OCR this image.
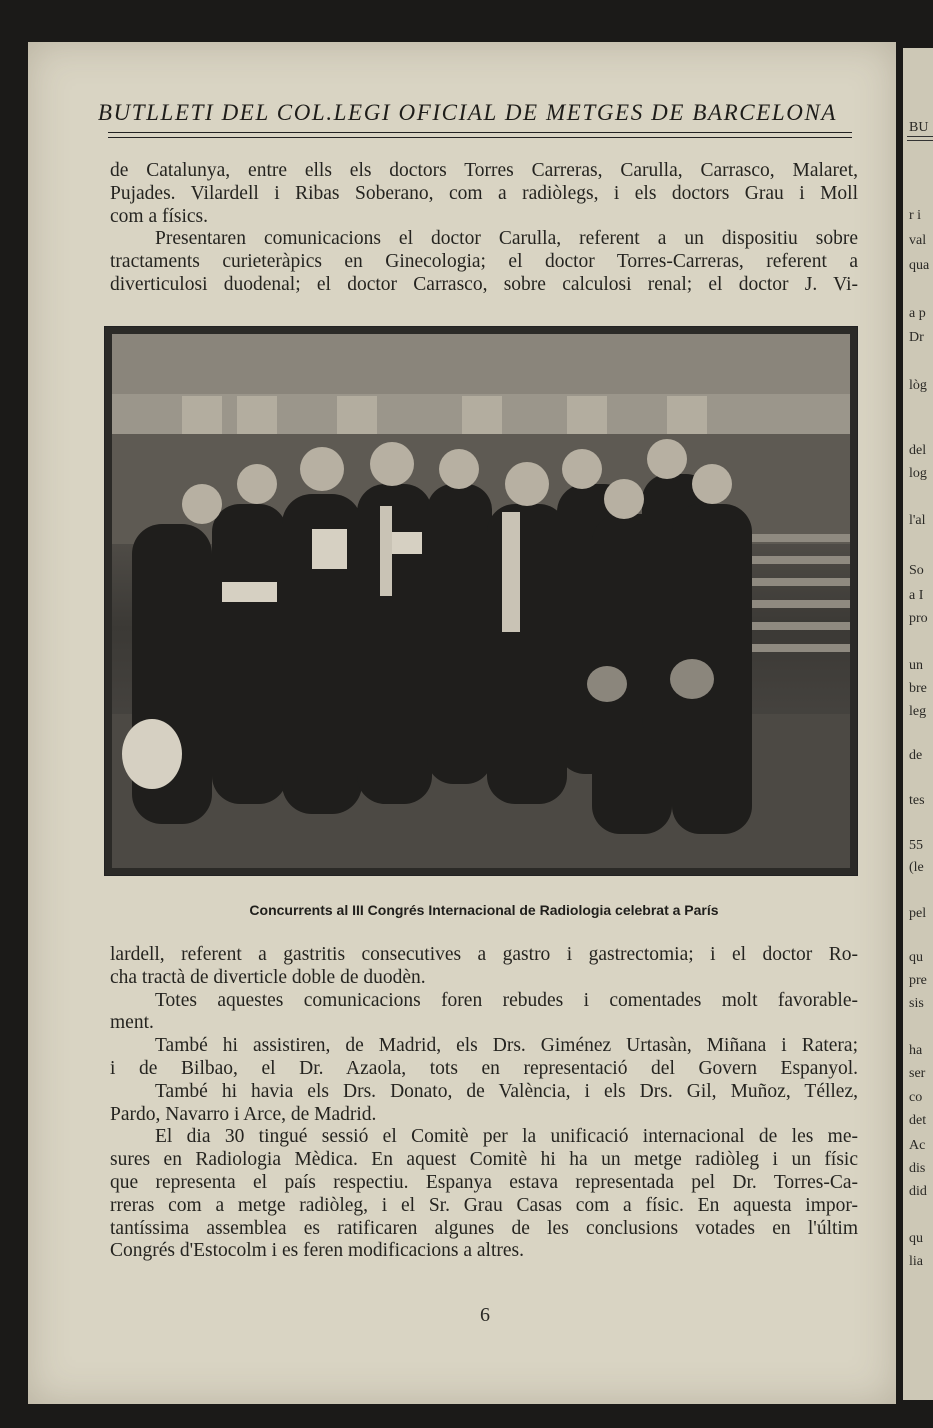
BU
r i
val
qua
a p
Dr
lòg
del
log
l'al
So
a I
pro
un
bre
leg
de
tes
55
(le
pel
qu
pre
sis
ha
ser
co
det
Ac
dis
did
qu
lia
BUTLLETI DEL COL.LEGI OFICIAL DE METGES DE BARCELONA
de Catalunya, entre ells els doctors Torres Carreras, Carulla, Carrasco, Malaret,
Pujades. Vilardell i Ribas Soberano, com a radiòlegs, i els doctors Grau i Moll
com a físics.
Presentaren comunicacions el doctor Carulla, referent a un dispositiu sobre
tractaments curieteràpics en Ginecologia; el doctor Torres-Carreras, referent a
diverticulosi duodenal; el doctor Carrasco, sobre calculosi renal; el doctor J. Vi-
Concurrents al III Congrés Internacional de Radiologia celebrat a París
lardell, referent a gastritis consecutives a gastro i gastrectomia; i el doctor Ro-
cha tractà de diverticle doble de duodèn.
Totes aquestes comunicacions foren rebudes i comentades molt favorable-
ment.
També hi assistiren, de Madrid, els Drs. Giménez Urtasàn, Miñana i Ratera;
i de Bilbao, el Dr. Azaola, tots en representació del Govern Espanyol.
També hi havia els Drs. Donato, de València, i els Drs. Gil, Muñoz, Téllez,
Pardo, Navarro i Arce, de Madrid.
El dia 30 tingué sessió el Comitè per la unificació internacional de les me-
sures en Radiologia Mèdica. En aquest Comitè hi ha un metge radiòleg i un físic
que representa el país respectiu. Espanya estava representada pel Dr. Torres-Ca-
rreras com a metge radiòleg, i el Sr. Grau Casas com a físic. En aquesta impor-
tantíssima assemblea es ratificaren algunes de les conclusions votades en l'últim
Congrés d'Estocolm i es feren modificacions a altres.
6
